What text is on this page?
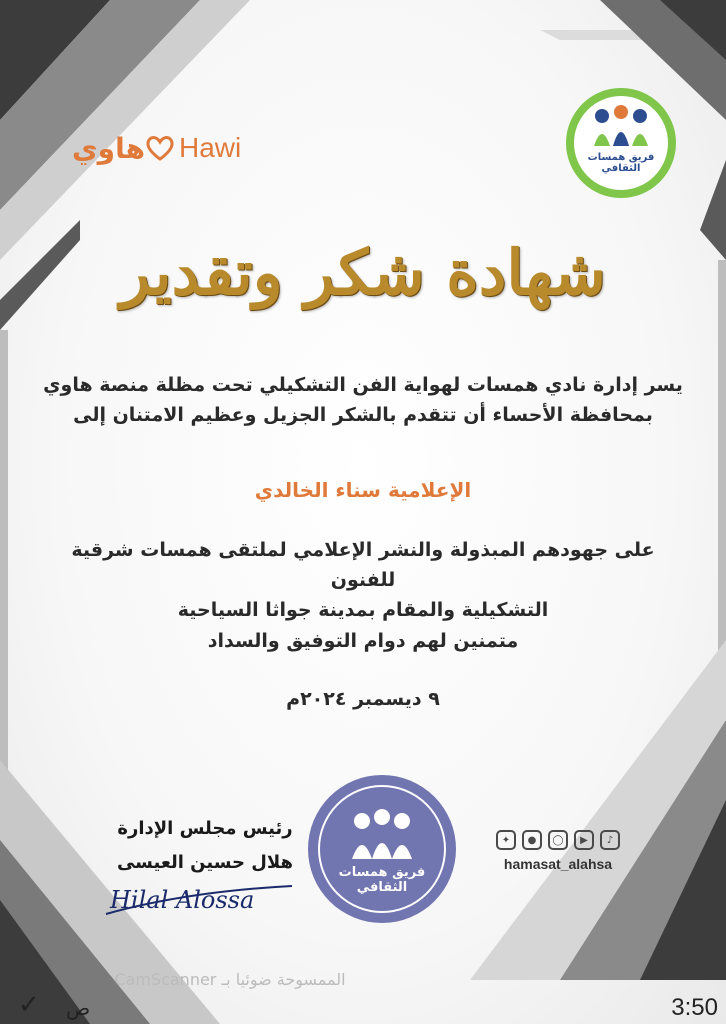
هاوي Hawi	فريق همسات الثقافي
شهادة شكر وتقدير
يسر إدارة نادي همسات لهواية الفن التشكيلي تحت مظلة منصة هاوي
بمحافظة الأحساء أن تتقدم بالشكر الجزيل وعظيم الامتنان إلى
الإعلامية سناء الخالدي
على جهودهم المبذولة والنشر الإعلامي لملتقى همسات شرقية للفنون
التشكيلية والمقام بمدينة جواثا السياحية
متمنين لهم دوام التوفيق والسداد
٩ ديسمبر ٢٠٢٤م
رئيس مجلس الإدارة
هلال حسين العيسى
Hilal Alossa
فريق همسات الثقافي
✦	●	◯	▶	♪
hamasat_alahsa
الممسوحة ضوئيا بـ CamScanner
✓ ص	3:50
